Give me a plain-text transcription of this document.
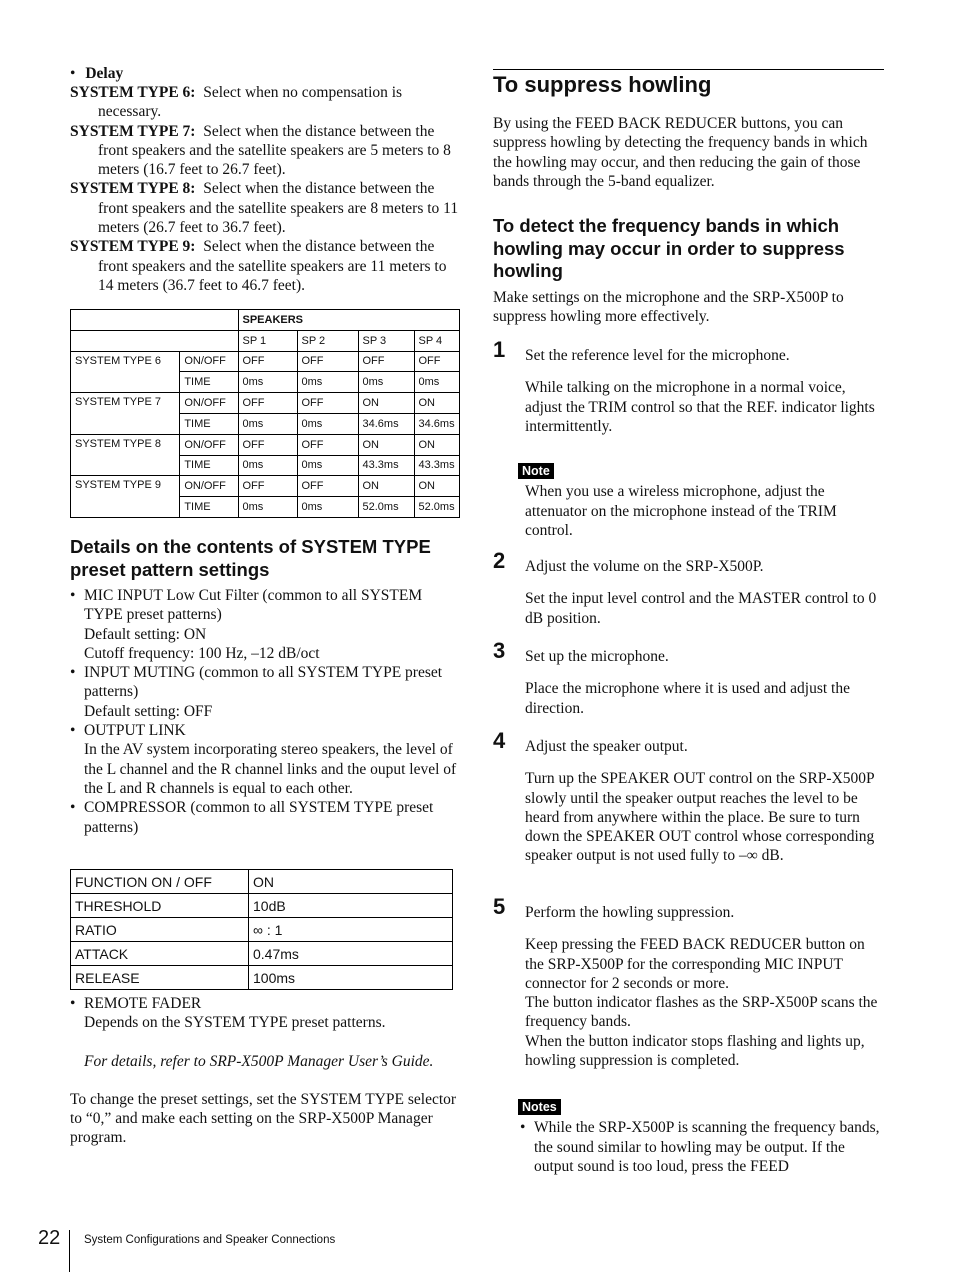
• Delay
SYSTEM TYPE 6: Select when no compensation is necessary.
SYSTEM TYPE 7: Select when the distance between the front speakers and the satellite speakers are 5 meters to 8 meters (16.7 feet to 26.7 feet).
SYSTEM TYPE 8: Select when the distance between the front speakers and the satellite speakers are 8 meters to 11 meters (26.7 feet to 36.7 feet).
SYSTEM TYPE 9: Select when the distance between the front speakers and the satellite speakers are 11 meters to 14 meters (36.7 feet to 46.7 feet).
		SPEAKERS			
		SP 1	SP 2	SP 3	SP 4
SYSTEM TYPE 6	ON/OFF	OFF	OFF	OFF	OFF
	TIME	0ms	0ms	0ms	0ms
SYSTEM TYPE 7	ON/OFF	OFF	OFF	ON	ON
	TIME	0ms	0ms	34.6ms	34.6ms
SYSTEM TYPE 8	ON/OFF	OFF	OFF	ON	ON
	TIME	0ms	0ms	43.3ms	43.3ms
SYSTEM TYPE 9	ON/OFF	OFF	OFF	ON	ON
	TIME	0ms	0ms	52.0ms	52.0ms
Details on the contents of SYSTEM TYPE preset pattern settings
• MIC INPUT Low Cut Filter (common to all SYSTEM TYPE preset patterns)
Default setting: ON
Cutoff frequency: 100 Hz, –12 dB/oct
• INPUT MUTING (common to all SYSTEM TYPE preset patterns)
Default setting: OFF
• OUTPUT LINK
In the AV system incorporating stereo speakers, the level of the L channel and the R channel links and the ouput level of the L and R channels is equal to each other.
• COMPRESSOR (common to all SYSTEM TYPE preset patterns)
FUNCTION ON / OFF	ON
THRESHOLD	10dB
RATIO	∞ : 1
ATTACK	0.47ms
RELEASE	100ms
• REMOTE FADER
Depends on the SYSTEM TYPE preset patterns.
For details, refer to SRP-X500P Manager User’s Guide.
To change the preset settings, set the SYSTEM TYPE selector to “0,” and make each setting on the SRP-X500P Manager program.
To suppress howling
By using the FEED BACK REDUCER buttons, you can suppress howling by detecting the frequency bands in which the howling may occur, and then reducing the gain of those bands through the 5-band equalizer.
To detect the frequency bands in which howling may occur in order to suppress howling
Make settings on the microphone and the SRP-X500P to suppress howling more effectively.
1 Set the reference level for the microphone.
While talking on the microphone in a normal voice, adjust the TRIM control so that the REF. indicator lights intermittently.
Note
When you use a wireless microphone, adjust the attenuator on the microphone instead of the TRIM control.
2 Adjust the volume on the SRP-X500P.
Set the input level control and the MASTER control to 0 dB position.
3 Set up the microphone.
Place the microphone where it is used and adjust the direction.
4 Adjust the speaker output.
Turn up the SPEAKER OUT control on the SRP-X500P slowly until the speaker output reaches the level to be heard from anywhere within the place. Be sure to turn down the SPEAKER OUT control whose corresponding speaker output is not used fully to –∞ dB.
5 Perform the howling suppression.
Keep pressing the FEED BACK REDUCER button on the SRP-X500P for the corresponding MIC INPUT connector for 2 seconds or more.
The button indicator flashes as the SRP-X500P scans the frequency bands.
When the button indicator stops flashing and lights up, howling suppression is completed.
Notes
• While the SRP-X500P is scanning the frequency bands, the sound similar to howling may be output. If the output sound is too loud, press the FEED
22 System Configurations and Speaker Connections
